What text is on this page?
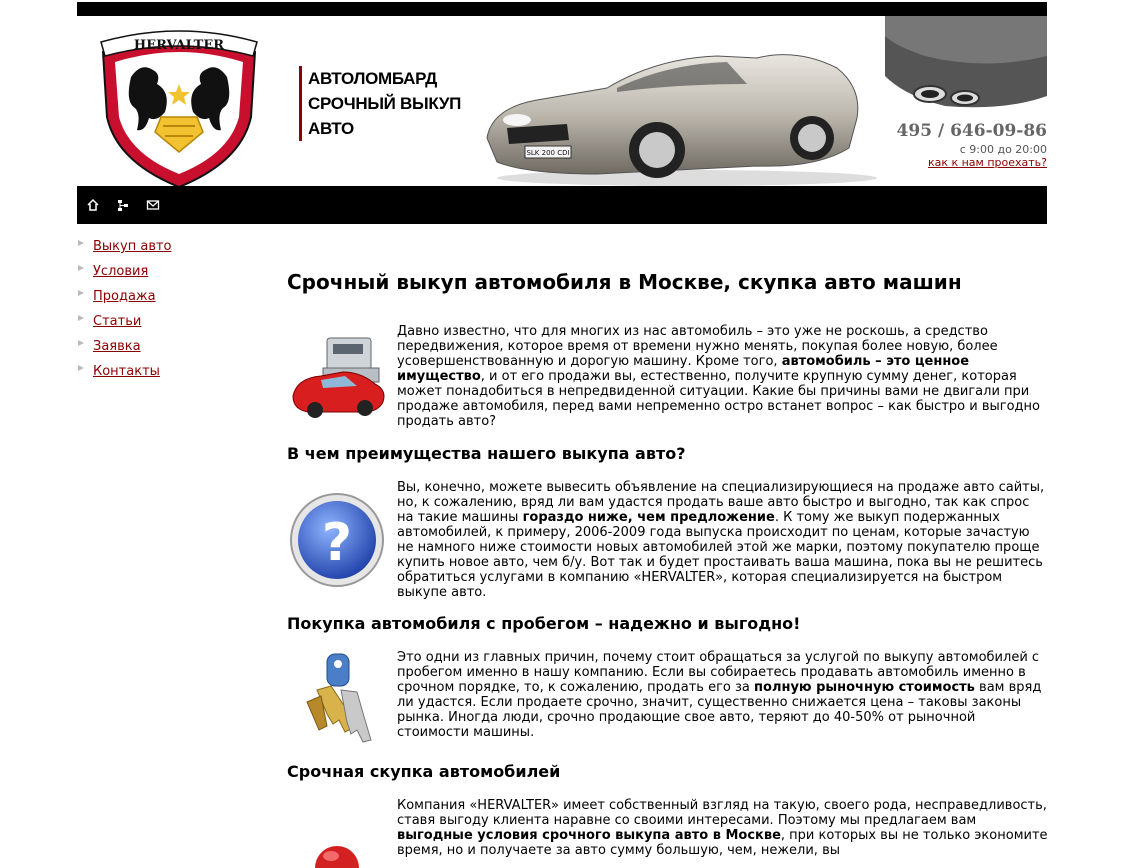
HERVALTER
АВТОЛОМБАРД
СРОЧНЫЙ ВЫКУП
АВТО
SLK 200 CDI
495 / 646-09-86
с 9:00 до 20:00
как к нам проехать?
Выкуп авто
Условия
Продажа
Статьи
Заявка
Контакты
Срочный выкуп автомобиля в Москве, скупка авто машин

Давно известно, что для многих из нас автомобиль – это уже не роскошь, а средство передвижения, которое время от времени нужно менять, покупая более новую, более усовершенствованную и дорогую машину. Кроме того, автомобиль – это ценное имущество, и от его продажи вы, естественно, получите крупную сумму денег, которая может понадобиться в непредвиденной ситуации. Какие бы причины вами не двигали при продаже автомобиля, перед вами непременно остро встанет вопрос – как быстро и выгодно продать авто?

В чем преимущества нашего выкупа авто?
?

Вы, конечно, можете вывесить объявление на специализирующиеся на продаже авто сайты, но, к сожалению, вряд ли вам удастся продать ваше авто быстро и выгодно, так как спрос на такие машины гораздо ниже, чем предложение. К тому же выкуп подержанных автомобилей, к примеру, 2006-2009 года выпуска происходит по ценам, которые зачастую не намного ниже стоимости новых автомобилей этой же марки, поэтому покупателю проще купить новое авто, чем б/у. Вот так и будет простаивать ваша машина, пока вы не решитесь обратиться услугами в компанию «HERVALTER», которая специализируется на быстром выкупе авто.

Покупка автомобиля с пробегом – надежно и выгодно!

Это одни из главных причин, почему стоит обращаться за услугой по выкупу автомобилей с пробегом именно в нашу компанию. Если вы собираетесь продавать автомобиль именно в срочном порядке, то, к сожалению, продать его за полную рыночную стоимость вам вряд ли удастся. Если продаете срочно, значит, существенно снижается цена – таковы законы рынка. Иногда люди, срочно продающие свое авто, теряют до 40-50% от рыночной стоимости машины.

Срочная скупка автомобилей

Компания «HERVALTER» имеет собственный взгляд на такую, своего рода, несправедливость, ставя выгоду клиента наравне со своими интересами. Поэтому мы предлагаем вам выгодные условия срочного выкупа авто в Москве, при которых вы не только экономите время, но и получаете за авто сумму большую, чем, нежели, вы
